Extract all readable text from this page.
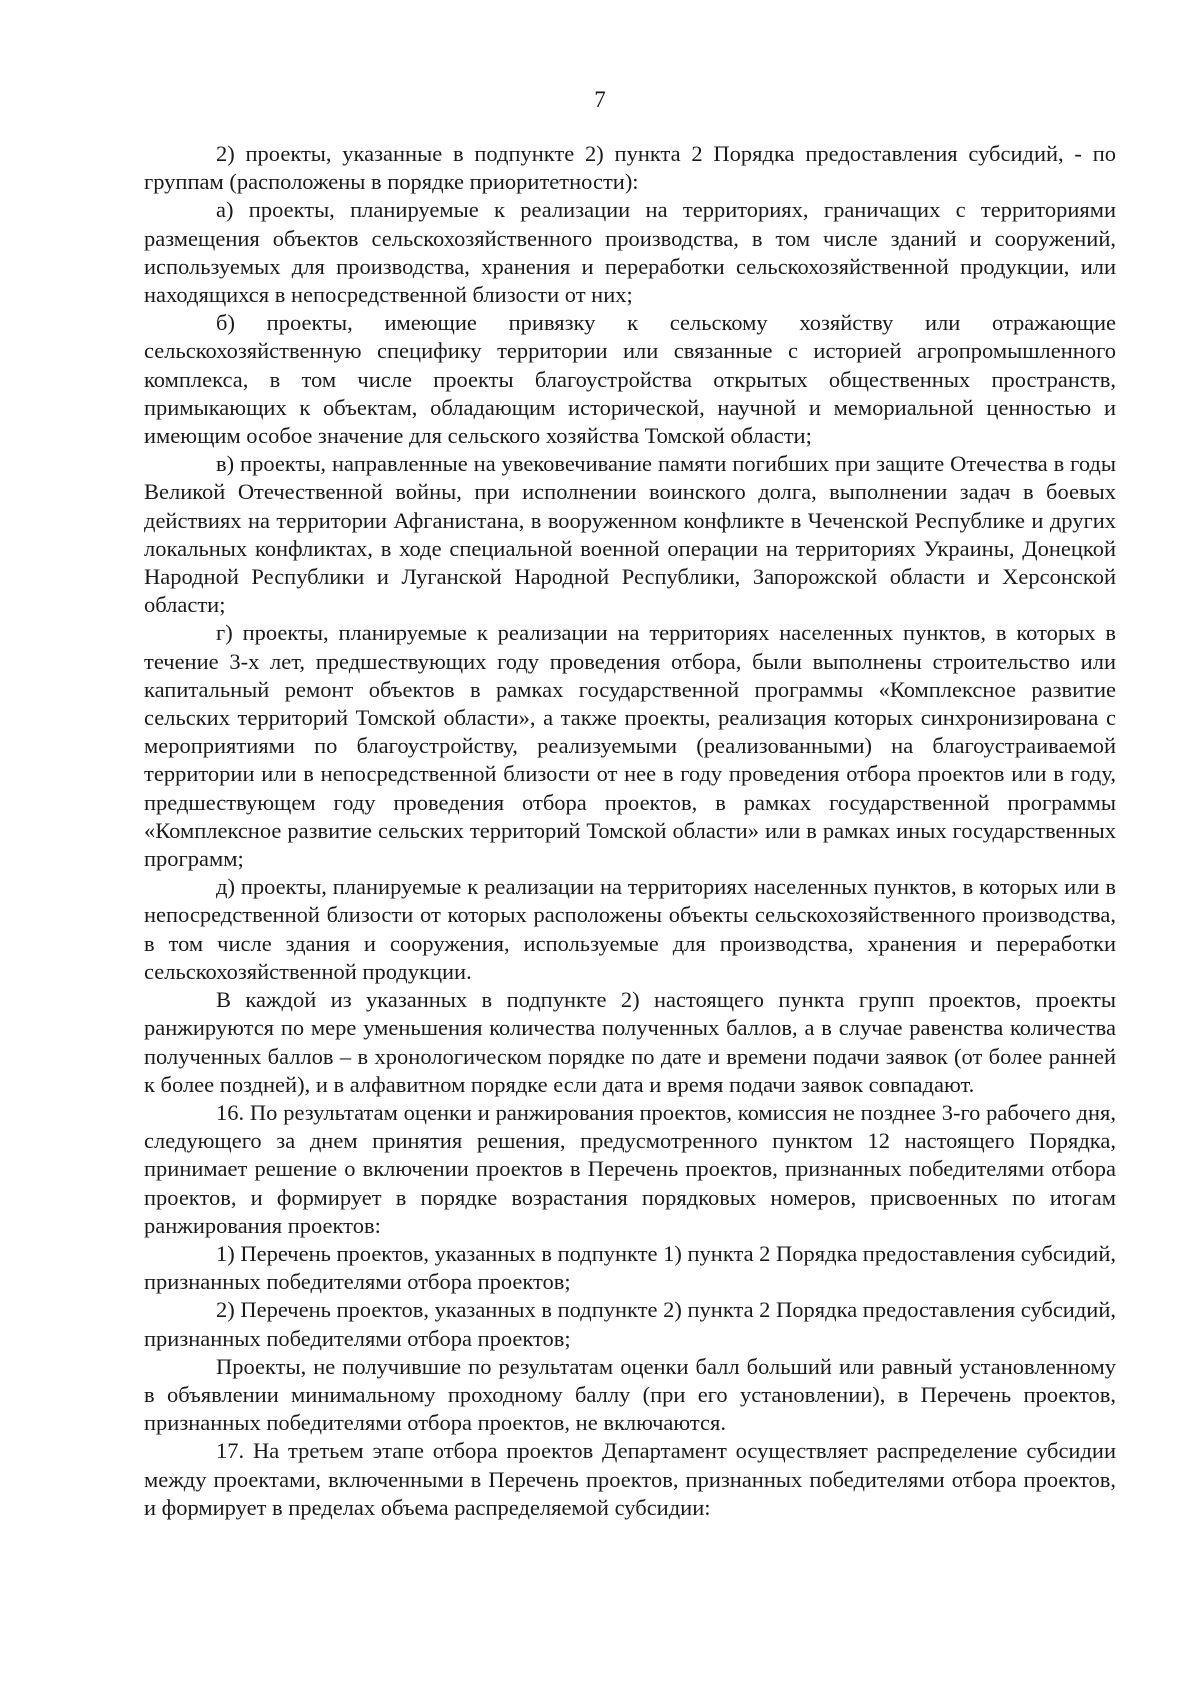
7

2) проекты, указанные в подпункте 2) пункта 2 Порядка предоставления субсидий, - по группам (расположены в порядке приоритетности):

а) проекты, планируемые к реализации на территориях, граничащих с территориями размещения объектов сельскохозяйственного производства, в том числе зданий и сооружений, используемых для производства, хранения и переработки сельскохозяйственной продукции, или находящихся в непосредственной близости от них;

б) проекты, имеющие привязку к сельскому хозяйству или отражающие сельскохозяйственную специфику территории или связанные с историей агропромышленного комплекса, в том числе проекты благоустройства открытых общественных пространств, примыкающих к объектам, обладающим исторической, научной и мемориальной ценностью и имеющим особое значение для сельского хозяйства Томской области;

в) проекты, направленные на увековечивание памяти погибших при защите Отечества в годы Великой Отечественной войны, при исполнении воинского долга, выполнении задач в боевых действиях на территории Афганистана, в вооруженном конфликте в Чеченской Республике и других локальных конфликтах, в ходе специальной военной операции на территориях Украины, Донецкой Народной Республики и Луганской Народной Республики, Запорожской области и Херсонской области;

г) проекты, планируемые к реализации на территориях населенных пунктов, в которых в течение 3-х лет, предшествующих году проведения отбора, были выполнены строительство или капитальный ремонт объектов в рамках государственной программы «Комплексное развитие сельских территорий Томской области», а также проекты, реализация которых синхронизирована с мероприятиями по благоустройству, реализуемыми (реализованными) на благоустраиваемой территории или в непосредственной близости от нее в году проведения отбора проектов или в году, предшествующем году проведения отбора проектов, в рамках государственной программы «Комплексное развитие сельских территорий Томской области» или в рамках иных государственных программ;

д) проекты, планируемые к реализации на территориях населенных пунктов, в которых или в непосредственной близости от которых расположены объекты сельскохозяйственного производства, в том числе здания и сооружения, используемые для производства, хранения и переработки сельскохозяйственной продукции.

В каждой из указанных в подпункте 2) настоящего пункта групп проектов, проекты ранжируются по мере уменьшения количества полученных баллов, а в случае равенства количества полученных баллов – в хронологическом порядке по дате и времени подачи заявок (от более ранней к более поздней), и в алфавитном порядке если дата и время подачи заявок совпадают.

16. По результатам оценки и ранжирования проектов, комиссия не позднее 3-го рабочего дня, следующего за днем принятия решения, предусмотренного пунктом 12 настоящего Порядка, принимает решение о включении проектов в Перечень проектов, признанных победителями отбора проектов, и формирует в порядке возрастания порядковых номеров, присвоенных по итогам ранжирования проектов:

1) Перечень проектов, указанных в подпункте 1) пункта 2 Порядка предоставления субсидий, признанных победителями отбора проектов;

2) Перечень проектов, указанных в подпункте 2) пункта 2 Порядка предоставления субсидий, признанных победителями отбора проектов;

Проекты, не получившие по результатам оценки балл больший или равный установленному в объявлении минимальному проходному баллу (при его установлении), в Перечень проектов, признанных победителями отбора проектов, не включаются.

17. На третьем этапе отбора проектов Департамент осуществляет распределение субсидии между проектами, включенными в Перечень проектов, признанных победителями отбора проектов, и формирует в пределах объема распределяемой субсидии:
